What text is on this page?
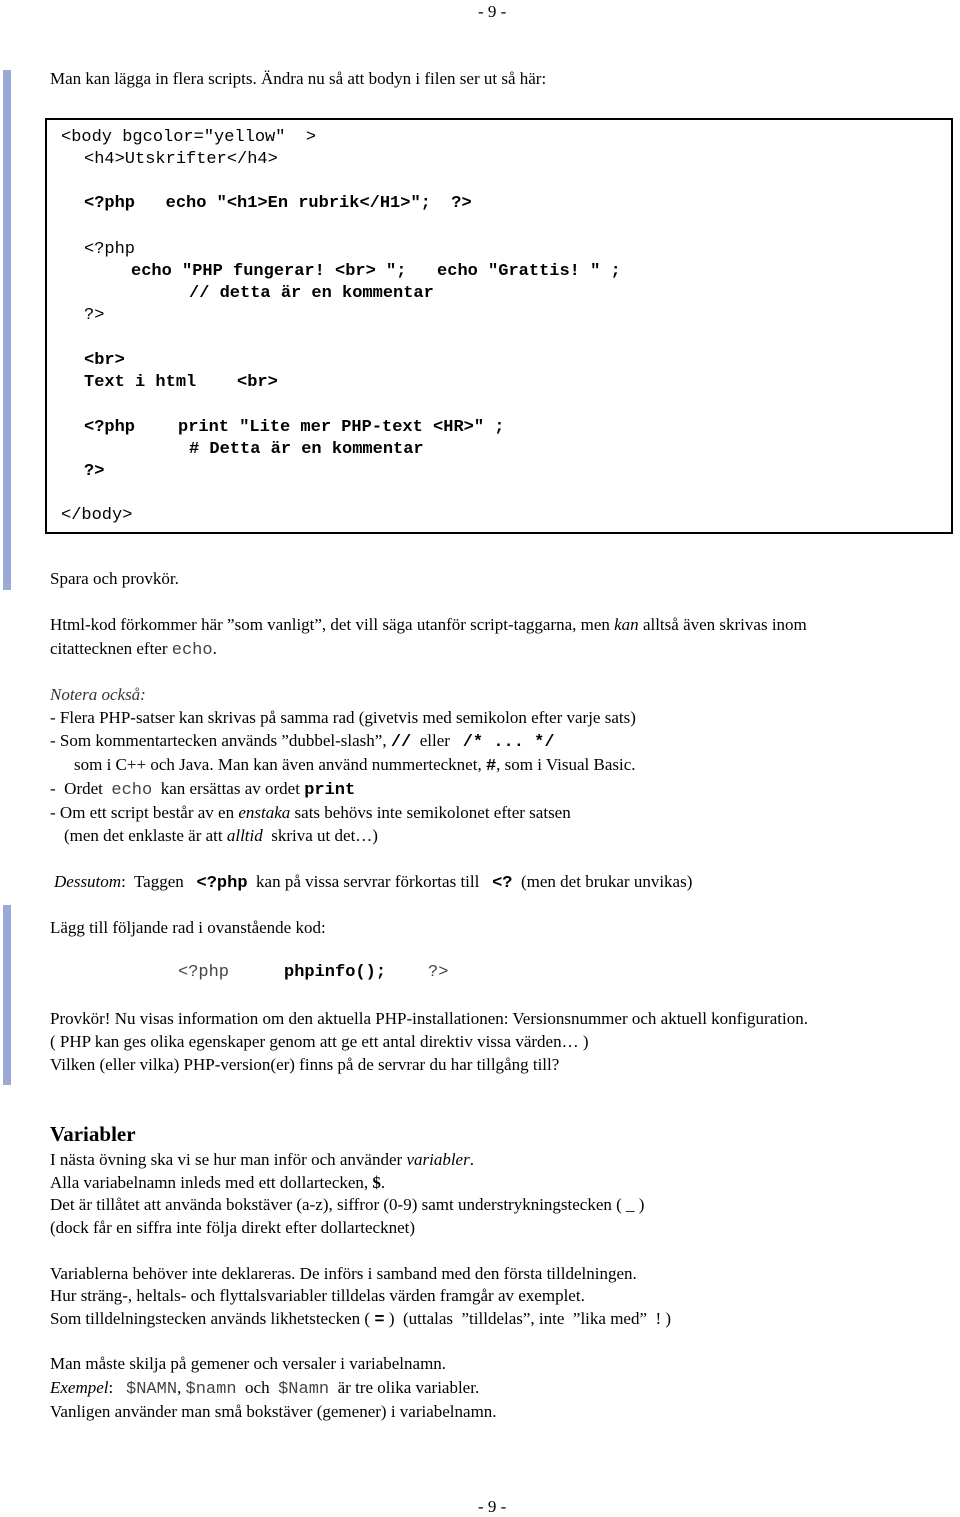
- 9 -
Man kan lägga in flera scripts. Ändra nu så att bodyn i filen ser ut så här:
<body bgcolor="yellow"  >
<h4>Utskrifter</h4>
<?php   echo "<h1>En rubrik</H1>";  ?>
<?php
echo "PHP fungerar! <br> ";   echo "Grattis! " ;
// detta är en kommentar
?>
<br>
Text i html    <br>
<?php	print "Lite mer PHP-text <HR>" ;
# Detta är en kommentar
?>
</body>
Spara och provkör.
Html-kod förkommer här ”som vanligt”, det vill säga utanför script-taggarna, men kan alltså även skrivas inom
citattecknen efter echo.
Notera också:
- Flera PHP-satser kan skrivas på samma rad (givetvis med semikolon efter varje sats)
- Som kommentartecken används ”dubbel-slash”, //  eller   /* ... */
som i C++ och Java. Man kan även använd nummertecknet, #, som i Visual Basic.
-  Ordet  echo  kan ersättas av ordet print
- Om ett script består av en enstaka sats behövs inte semikolonet efter satsen
(men det enklaste är att alltid  skriva ut det…)
Dessutom:  Taggen   <?php  kan på vissa servrar förkortas till   <?  (men det brukar unvikas)
Lägg till följande rad i ovanstående kod:
<?php	phpinfo(); ?>
Provkör! Nu visas information om den aktuella PHP-installationen: Versionsnummer och aktuell konfiguration.
( PHP kan ges olika egenskaper genom att ge ett antal direktiv vissa värden… )
Vilken (eller vilka) PHP-version(er) finns på de servrar du har tillgång till?
Variabler
I nästa övning ska vi se hur man inför och använder variabler.
Alla variabelnamn inleds med ett dollartecken, $.
Det är tillåtet att använda bokstäver (a-z), siffror (0-9) samt understrykningstecken ( _ )
(dock får en siffra inte följa direkt efter dollartecknet)
Variablerna behöver inte deklareras. De införs i samband med den första tilldelningen.
Hur sträng-, heltals- och flyttalsvariabler tilldelas värden framgår av exemplet.
Som tilldelningstecken används likhetstecken ( = )  (uttalas  ”tilldelas”, inte  ”lika med”  ! )
Man måste skilja på gemener och versaler i variabelnamn.
Exempel:   $NAMN, $namn  och  $Namn  är tre olika variabler.
Vanligen använder man små bokstäver (gemener) i variabelnamn.
- 9 -
